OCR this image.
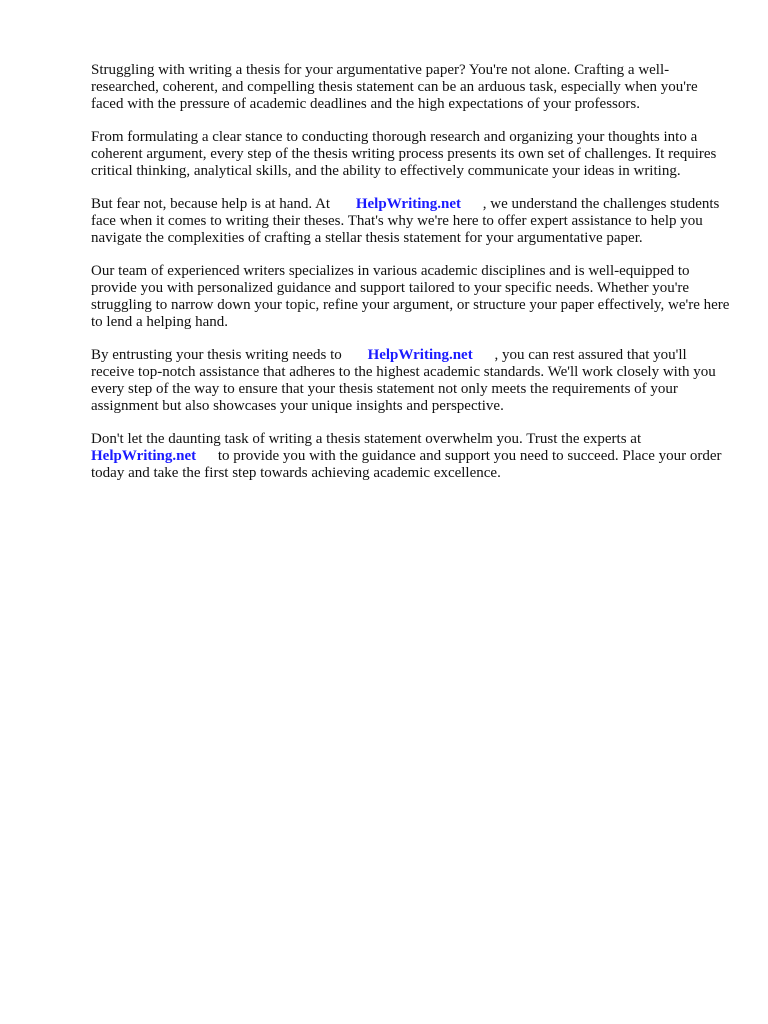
Struggling with writing a thesis for your argumentative paper? You're not alone. Crafting a well-researched, coherent, and compelling thesis statement can be an arduous task, especially when you're faced with the pressure of academic deadlines and the high expectations of your professors.

From formulating a clear stance to conducting thorough research and organizing your thoughts into a coherent argument, every step of the thesis writing process presents its own set of challenges. It requires critical thinking, analytical skills, and the ability to effectively communicate your ideas in writing.

But fear not, because help is at hand. At HelpWriting.net , we understand the challenges students face when it comes to writing their theses. That's why we're here to offer expert assistance to help you navigate the complexities of crafting a stellar thesis statement for your argumentative paper.

Our team of experienced writers specializes in various academic disciplines and is well-equipped to provide you with personalized guidance and support tailored to your specific needs. Whether you're struggling to narrow down your topic, refine your argument, or structure your paper effectively, we're here to lend a helping hand.

By entrusting your thesis writing needs to HelpWriting.net , you can rest assured that you'll receive top-notch assistance that adheres to the highest academic standards. We'll work closely with you every step of the way to ensure that your thesis statement not only meets the requirements of your assignment but also showcases your unique insights and perspective.

Don't let the daunting task of writing a thesis statement overwhelm you. Trust the experts at HelpWriting.net to provide you with the guidance and support you need to succeed. Place your order today and take the first step towards achieving academic excellence.
